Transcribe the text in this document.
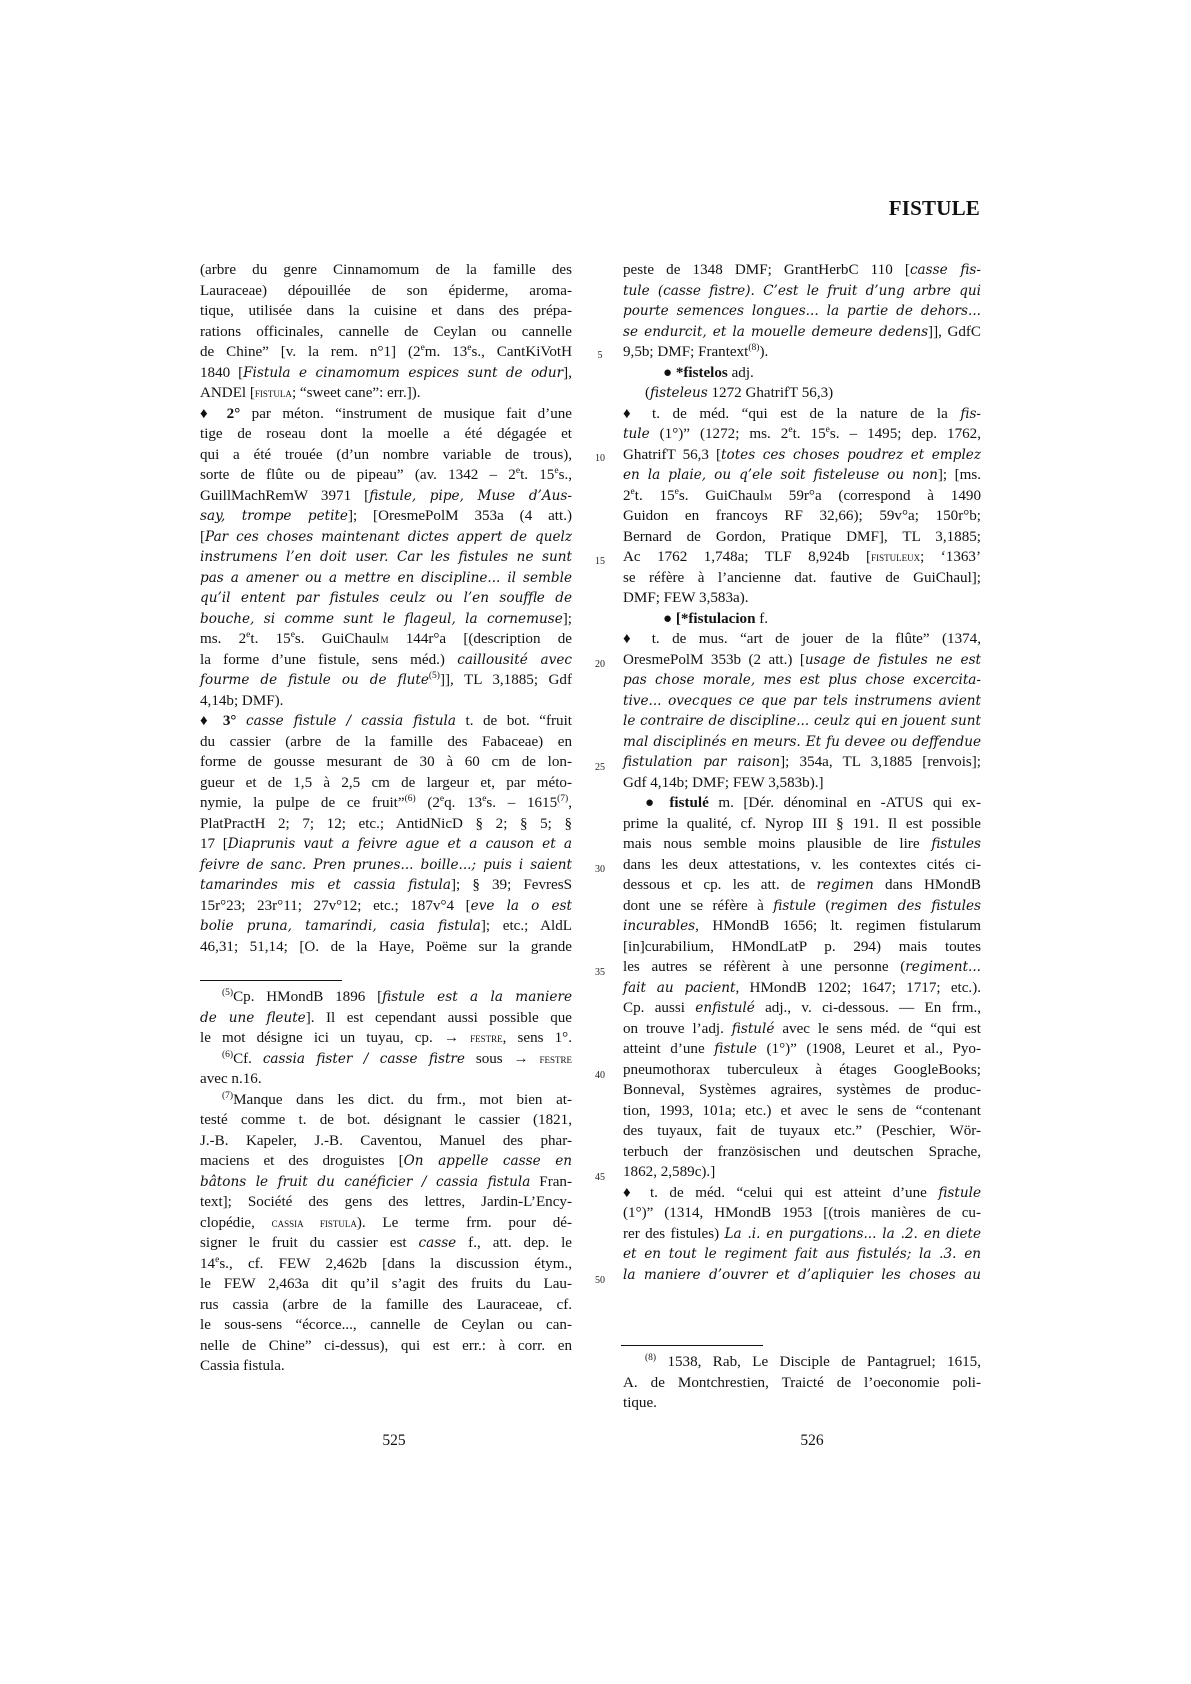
FISTULE
(arbre du genre Cinnamomum de la famille des
Lauraceae) dépouillée de son épiderme, aroma-
tique, utilisée dans la cuisine et dans des prépa-
rations officinales, cannelle de Ceylan ou cannelle
de Chine” [v. la rem. n°1] (2em. 13es., CantKiVotH
1840 [Fistula e cinamomum espices sunt de odur],
ANDEl [fistula; “sweet cane”: err.]).
♦ 2° par méton. “instrument de musique fait d’une
tige de roseau dont la moelle a été dégagée et
qui a été trouée (d’un nombre variable de trous),
sorte de flûte ou de pipeau” (av. 1342 – 2et. 15es.,
GuillMachRemW 3971 [fistule, pipe, Muse d’Aus-
say, trompe petite]; [OresmePolM 353a (4 att.)
[Par ces choses maintenant dictes appert de quelz
instrumens l’en doit user. Car les fistules ne sunt
pas a amener ou a mettre en discipline... il semble
qu’il entent par fistules ceulz ou l’en souffle de
bouche, si comme sunt le flageul, la cornemuse];
ms. 2et. 15es. GuiChaulm 144r°a [(description de
la forme d’une fistule, sens méd.) caillousité avec
fourme de fistule ou de flute$^{(5)}$]], TL 3,1885; Gdf
4,14b; DMF).
♦ 3° casse fistule / cassia fistula t. de bot. “fruit
du cassier (arbre de la famille des Fabaceae) en
forme de gousse mesurant de 30 à 60 cm de lon-
gueur et de 1,5 à 2,5 cm de largeur et, par méto-
nymie, la pulpe de ce fruit”$^{(6)}$ (2eq. 13es. – 1615$^{(7)}$,
PlatPractH 2; 7; 12; etc.; AntidNicD § 2; § 5; §
17 [Diaprunis vaut a feivre ague et a causon et a
feivre de sanc. Pren prunes... boille...; puis i saient
tamarindes mis et cassia fistula]; § 39; FevresS
15r°23; 23r°11; 27v°12; etc.; 187v°4 [eve la o est
bolie pruna, tamarindi, casia fistula]; etc.; AldL
46,31; 51,14; [O. de la Haye, Poëme sur la grande
$^{(5)}$Cp. HMondB 1896 [fistule est a la maniere
de une fleute]. Il est cependant aussi possible que
le mot désigne ici un tuyau, cp. → festre, sens 1°.
$^{(6)}$Cf. cassia fister / casse fistre sous → festre
avec n.16.
$^{(7)}$Manque dans les dict. du frm., mot bien at-
testé comme t. de bot. désignant le cassier (1821,
J.-B. Kapeler, J.-B. Caventou, Manuel des phar-
maciens et des droguistes [On appelle casse en
bâtons le fruit du canéficier / cassia fistula Fran-
text]; Société des gens des lettres, Jardin-L’Ency-
clopédie, cassia fistula). Le terme frm. pour dé-
signer le fruit du cassier est casse f., att. dep. le
14es., cf. FEW 2,462b [dans la discussion étym.,
le FEW 2,463a dit qu’il s’agit des fruits du Lau-
rus cassia (arbre de la famille des Lauraceae, cf.
le sous-sens “écorce..., cannelle de Ceylan ou can-
nelle de Chine” ci-dessus), qui est err.: à corr. en
Cassia fistula.
peste de 1348 DMF; GrantHerbC 110 [casse fis-
tule (casse fistre). C’est le fruit d’ung arbre qui
pourte semences longues... la partie de dehors...
se endurcit, et la mouelle demeure dedens]], GdfC
9,5b; DMF; Frantext$^{(8)}$).
● *fistelos adj.
(fisteleus 1272 GhatrifT 56,3)
♦ t. de méd. “qui est de la nature de la fis-
tule (1°)” (1272; ms. 2et. 15es. – 1495; dep. 1762,
GhatrifT 56,3 [totes ces choses poudrez et emplez
en la plaie, ou q’ele soit fisteleuse ou non]; [ms.
2et. 15es. GuiChaulm 59r°a (correspond à 1490
Guidon en francoys RF 32,66); 59v°a; 150r°b;
Bernard de Gordon, Pratique DMF], TL 3,1885;
Ac 1762 1,748a; TLF 8,924b [fistuleux; ‘1363’
se réfère à l’ancienne dat. fautive de GuiChaul];
DMF; FEW 3,583a).
● [*fistulacion f.
♦ t. de mus. “art de jouer de la flûte” (1374,
OresmePolM 353b (2 att.) [usage de fistules ne est
pas chose morale, mes est plus chose excercita-
tive... ovecques ce que par tels instrumens avient
le contraire de discipline... ceulz qui en jouent sunt
mal disciplinés en meurs. Et fu devee ou deffendue
fistulation par raison]; 354a, TL 3,1885 [renvois];
Gdf 4,14b; DMF; FEW 3,583b).]
● fistulé m. [Dér. dénominal en -ATUS qui ex-
prime la qualité, cf. Nyrop III § 191. Il est possible
mais nous semble moins plausible de lire fistules
dans les deux attestations, v. les contextes cités ci-
dessous et cp. les att. de regimen dans HMondB
dont une se réfère à fistule (regimen des fistules
incurables, HMondB 1656; lt. regimen fistularum
[in]curabilium, HMondLatP p. 294) mais toutes
les autres se réfèrent à une personne (regiment...
fait au pacient, HMondB 1202; 1647; 1717; etc.).
Cp. aussi enfistulé adj., v. ci-dessous. — En frm.,
on trouve l’adj. fistulé avec le sens méd. de “qui est
atteint d’une fistule (1°)” (1908, Leuret et al., Pyo-
pneumothorax tuberculeux à étages GoogleBooks;
Bonneval, Systèmes agraires, systèmes de produc-
tion, 1993, 101a; etc.) et avec le sens de “contenant
des tuyaux, fait de tuyaux etc.” (Peschier, Wör-
terbuch der französischen und deutschen Sprache,
1862, 2,589c).]
♦ t. de méd. “celui qui est atteint d’une fistule
(1°)” (1314, HMondB 1953 [(trois manières de cu-
rer des fistules) La .i. en purgations... la .2. en diete
et en tout le regiment fait aus fistulés; la .3. en
la maniere d’ouvrer et d’apliquier les choses au
$^{(8)}$ 1538, Rab, Le Disciple de Pantagruel; 1615,
A. de Montchrestien, Traicté de l’oeconomie poli-
tique.
5
10
15
20
25
30
35
40
45
50
525	526
